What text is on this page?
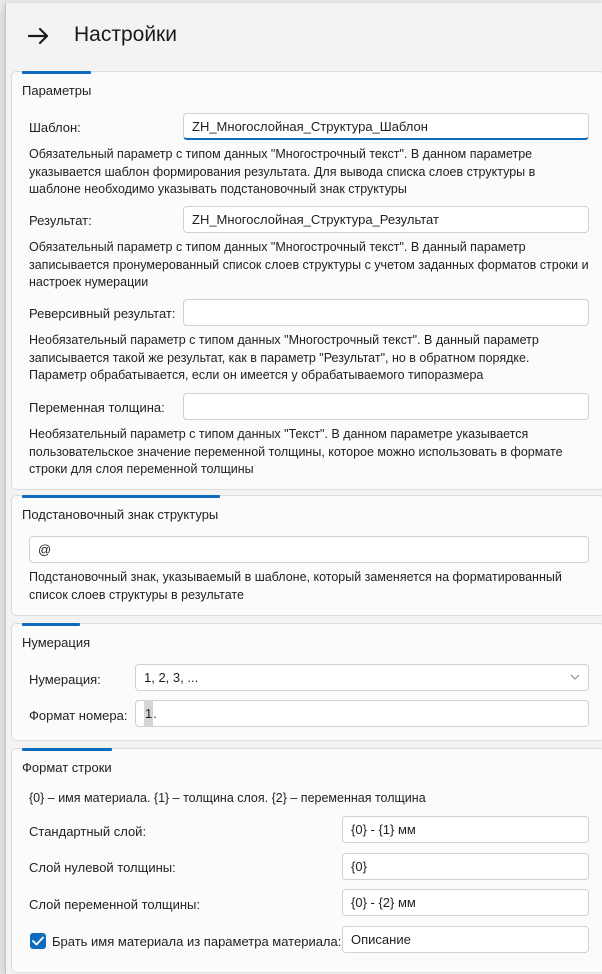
Настройки
Параметры
Шаблон:	ZH_Многослойная_Структура_Шаблон
Обязательный параметр с типом данных "Многострочный текст". В данном параметре указывается шаблон формирования результата. Для вывода списка слоев структуры в шаблоне необходимо указывать подстановочный знак структуры
Результат:	ZH_Многослойная_Структура_Результат
Обязательный параметр с типом данных "Многострочный текст". В данный параметр записывается пронумерованный список слоев структуры с учетом заданных форматов строки и настроек нумерации
Реверсивный результат:
Необязательный параметр с типом данных "Многострочный текст". В данный параметр записывается такой же результат, как в параметр "Результат", но в обратном порядке. Параметр обрабатывается, если он имеется у обрабатываемого типоразмера
Переменная толщина:
Необязательный параметр с типом данных "Текст". В данном параметре указывается пользовательское значение переменной толщины, которое можно использовать в формате строки для слоя переменной толщины
Подстановочный знак структуры
@
Подстановочный знак, указываемый в шаблоне, который заменяется на форматированный список слоев структуры в результате
Нумерация
Нумерация:	1, 2, 3, ...
Формат номера:	1.
Формат строки
{0} – имя материала. {1} – толщина слоя. {2} – переменная толщина
Стандартный слой:	{0} - {1} мм
Слой нулевой толщины:	{0}
Слой переменной толщины:	{0} - {2} мм
Брать имя материала из параметра материала: Описание
